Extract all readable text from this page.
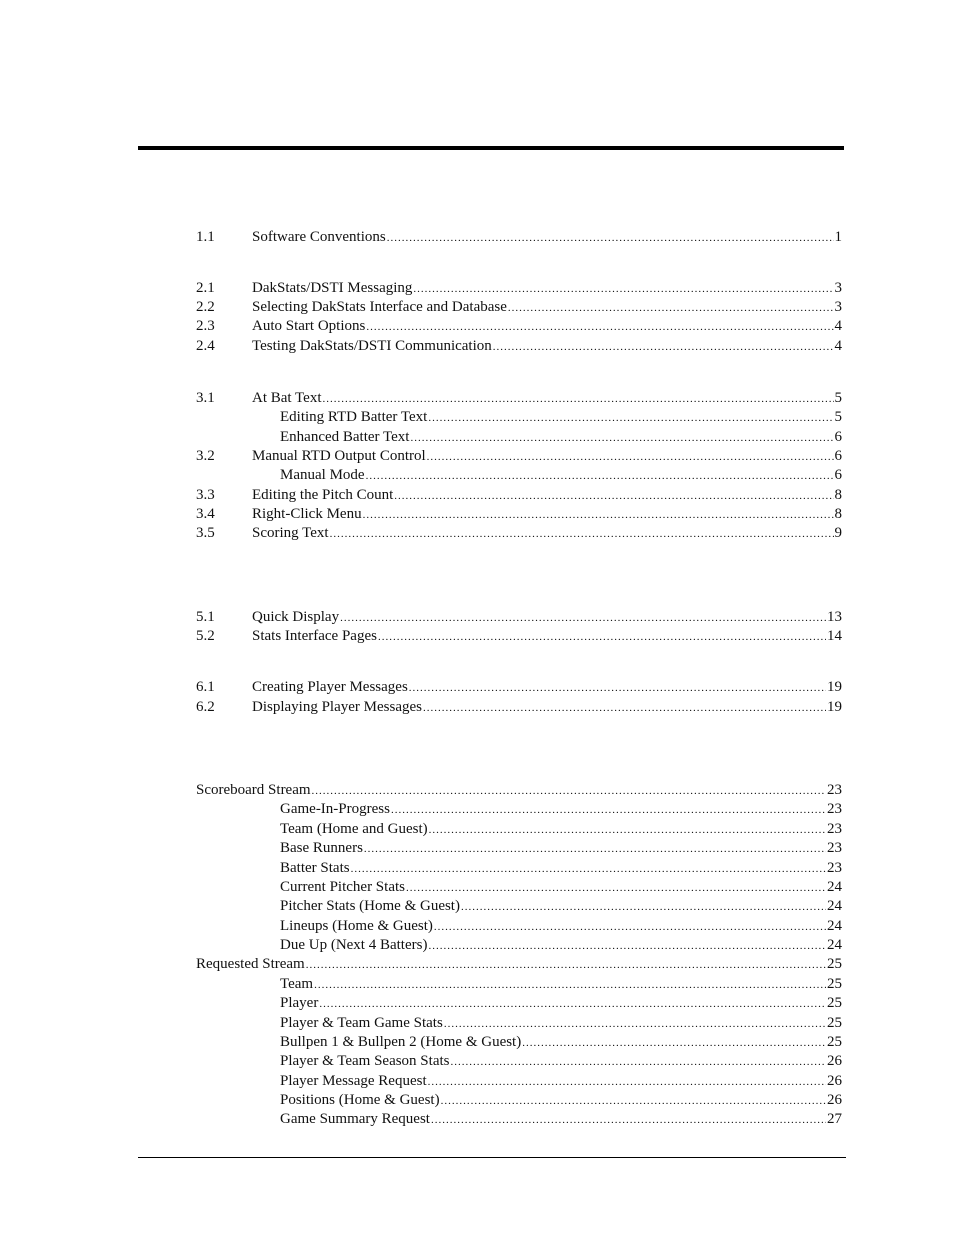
1.1	Software Conventions .....	1
2.1	DakStats/DSTI Messaging .....	3
2.2	Selecting DakStats Interface and Database .....	3
2.3	Auto Start Options .....	4
2.4	Testing DakStats/DSTI Communication .....	4
3.1	At Bat Text .....	5
Editing RTD Batter Text .....	5
Enhanced Batter Text .....	6
3.2	Manual RTD Output Control .....	6
Manual Mode .....	6
3.3	Editing the Pitch Count .....	8
3.4	Right-Click Menu .....	8
3.5	Scoring Text .....	9
5.1	Quick Display .....	13
5.2	Stats Interface Pages .....	14
6.1	Creating Player Messages .....	19
6.2	Displaying Player Messages .....	19
Scoreboard Stream .....	23
Game-In-Progress .....	23
Team (Home and Guest) .....	23
Base Runners .....	23
Batter Stats .....	23
Current Pitcher Stats .....	24
Pitcher Stats (Home & Guest) .....	24
Lineups (Home & Guest) .....	24
Due Up (Next 4 Batters) .....	24
Requested Stream .....	25
Team .....	25
Player .....	25
Player & Team Game Stats .....	25
Bullpen 1 & Bullpen 2 (Home & Guest) .....	25
Player & Team Season Stats .....	26
Player Message Request .....	26
Positions (Home & Guest) .....	26
Game Summary Request .....	27
